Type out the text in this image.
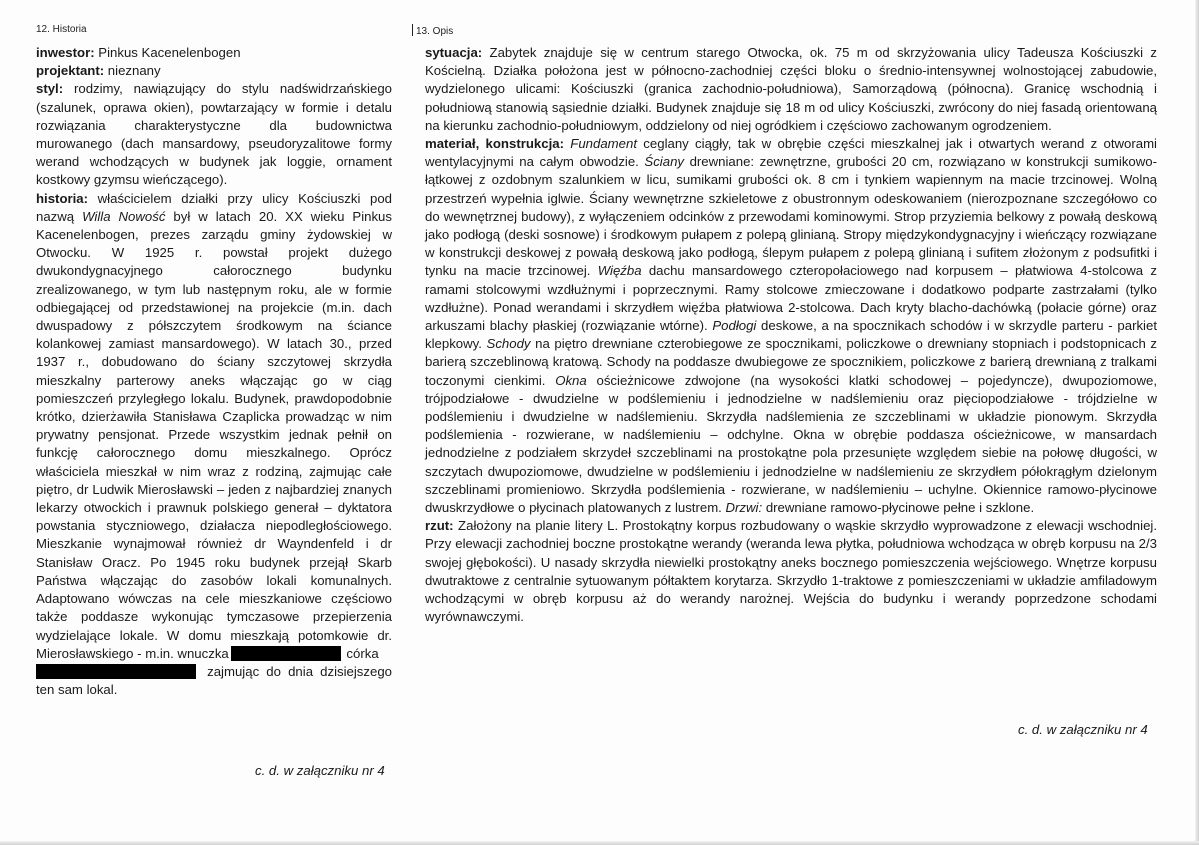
12. Historia	13. Opis

inwestor: Pinkus Kacenelenbogen

projektant: nieznany

styl: rodzimy, nawiązujący do stylu nadświdrzańskiego (szalunek, oprawa okien), powtarzający w formie i detalu rozwiązania charakterystyczne dla budownictwa murowanego (dach mansardowy, pseudoryzalitowe formy werand wchodzących w budynek jak loggie, ornament kostkowy gzymsu wieńczącego).

historia: właścicielem działki przy ulicy Kościuszki pod nazwą Willa Nowość był w latach 20. XX wieku Pinkus Kacenelenbogen, prezes zarządu gminy żydowskiej w Otwocku. W 1925 r. powstał projekt dużego dwukondygnacyjnego całorocznego budynku zrealizowanego, w tym lub następnym roku, ale w formie odbiegającej od przedstawionej na projekcie (m.in. dach dwuspadowy z półszczytem środkowym na ściance kolankowej zamiast mansardowego). W latach 30., przed 1937 r., dobudowano do ściany szczytowej skrzydła mieszkalny parterowy aneks włączając go w ciąg pomieszczeń przyległego lokalu. Budynek, prawdopodobnie krótko, dzierżawiła Stanisława Czaplicka prowadząc w nim prywatny pensjonat. Przede wszystkim jednak pełnił on funkcję całorocznego domu mieszkalnego. Oprócz właściciela mieszkał w nim wraz z rodziną, zajmując całe piętro, dr Ludwik Mierosławski – jeden z najbardziej znanych lekarzy otwockich i prawnuk polskiego generał – dyktatora powstania styczniowego, działacza niepodległościowego. Mieszkanie wynajmował również dr Wayndenfeld i dr Stanisław Oracz. Po 1945 roku budynek przejął Skarb Państwa włączając do zasobów lokali komunalnych. Adaptowano wówczas na cele mieszkaniowe częściowo także poddasze wykonując tymczasowe przepierzenia wydzielające lokale. W domu mieszkają potomkowie dr. Mierosławskiego - m.in. wnuczka	córka
zajmując do dnia dzisiejszego ten sam lokal.

c. d. w załączniku nr 4

sytuacja: Zabytek znajduje się w centrum starego Otwocka, ok. 75 m od skrzyżowania ulicy Tadeusza Kościuszki z Kościelną. Działka położona jest w północno-zachodniej części bloku o średnio-intensywnej wolnostojącej zabudowie, wydzielonego ulicami: Kościuszki (granica zachodnio-południowa), Samorządową (północna). Granicę wschodnią i południową stanowią sąsiednie działki. Budynek znajduje się 18 m od ulicy Kościuszki, zwrócony do niej fasadą orientowaną na kierunku zachodnio-południowym, oddzielony od niej ogródkiem i częściowo zachowanym ogrodzeniem.

materiał, konstrukcja: Fundament ceglany ciągły, tak w obrębie części mieszkalnej jak i otwartych werand z otworami wentylacyjnymi na całym obwodzie. Ściany drewniane: zewnętrzne, grubości 20 cm, rozwiązano w konstrukcji sumikowo-łątkowej z ozdobnym szalunkiem w licu, sumikami grubości ok. 8 cm i tynkiem wapiennym na macie trzcinowej. Wolną przestrzeń wypełnia iglwie. Ściany wewnętrzne szkieletowe z obustronnym odeskowaniem (nierozpoznane szczegółowo co do wewnętrznej budowy), z wyłączeniem odcinków z przewodami kominowymi. Strop przyziemia belkowy z powałą deskową jako podłogą (deski sosnowe) i środkowym pułapem z polepą glinianą. Stropy międzykondygnacyjny i wieńczący rozwiązane w konstrukcji deskowej z powałą deskową jako podłogą, ślepym pułapem z polepą glinianą i sufitem złożonym z podsufitki i tynku na macie trzcinowej. Więźba dachu mansardowego czteropołaciowego nad korpusem – płatwiowa 4-stolcowa z ramami stolcowymi wzdłużnymi i poprzecznymi. Ramy stolcowe zmieczowane i dodatkowo podparte zastrzałami (tylko wzdłużne). Ponad werandami i skrzydłem więźba płatwiowa 2-stolcowa. Dach kryty blacho-dachówką (połacie górne) oraz arkuszami blachy płaskiej (rozwiązanie wtórne). Podłogi deskowe, a na spocznikach schodów i w skrzydle parteru - parkiet klepkowy. Schody na piętro drewniane czterobiegowe ze spocznikami, policzkowe o drewniany stopniach i podstopnicach z barierą szczeblinową kratową. Schody na poddasze dwubiegowe ze spocznikiem, policzkowe z barierą drewnianą z tralkami toczonymi cienkimi. Okna ościeżnicowe zdwojone (na wysokości klatki schodowej – pojedyncze), dwupoziomowe, trójpodziałowe - dwudzielne w podślemieniu i jednodzielne w nadślemieniu oraz pięciopodziałowe - trójdzielne w podślemieniu i dwudzielne w nadślemieniu. Skrzydła nadślemienia ze szczeblinami w układzie pionowym. Skrzydła podślemienia - rozwierane, w nadślemieniu – odchylne. Okna w obrębie poddasza ościeżnicowe, w mansardach jednodzielne z podziałem skrzydeł szczeblinami na prostokątne pola przesunięte względem siebie na połowę długości, w szczytach dwupoziomowe, dwudzielne w podślemieniu i jednodzielne w nadślemieniu ze skrzydłem półokrągłym dzielonym szczeblinami promieniowo. Skrzydła podślemienia - rozwierane, w nadślemieniu – uchylne. Okiennice ramowo-płycinowe dwuskrzydłowe o płycinach platowanych z lustrem. Drzwi: drewniane ramowo-płycinowe pełne i szklone.

rzut: Założony na planie litery L. Prostokątny korpus rozbudowany o wąskie skrzydło wyprowadzone z elewacji wschodniej. Przy elewacji zachodniej boczne prostokątne werandy (weranda lewa płytka, południowa wchodząca w obręb korpusu na 2/3 swojej głębokości). U nasady skrzydła niewielki prostokątny aneks bocznego pomieszczenia wejściowego. Wnętrze korpusu dwutraktowe z centralnie sytuowanym półtaktem korytarza. Skrzydło 1-traktowe z pomieszczeniami w układzie amfiladowym wchodzącymi w obręb korpusu aż do werandy narożnej. Wejścia do budynku i werandy poprzedzone schodami wyrównawczymi.

c. d. w załączniku nr 4
